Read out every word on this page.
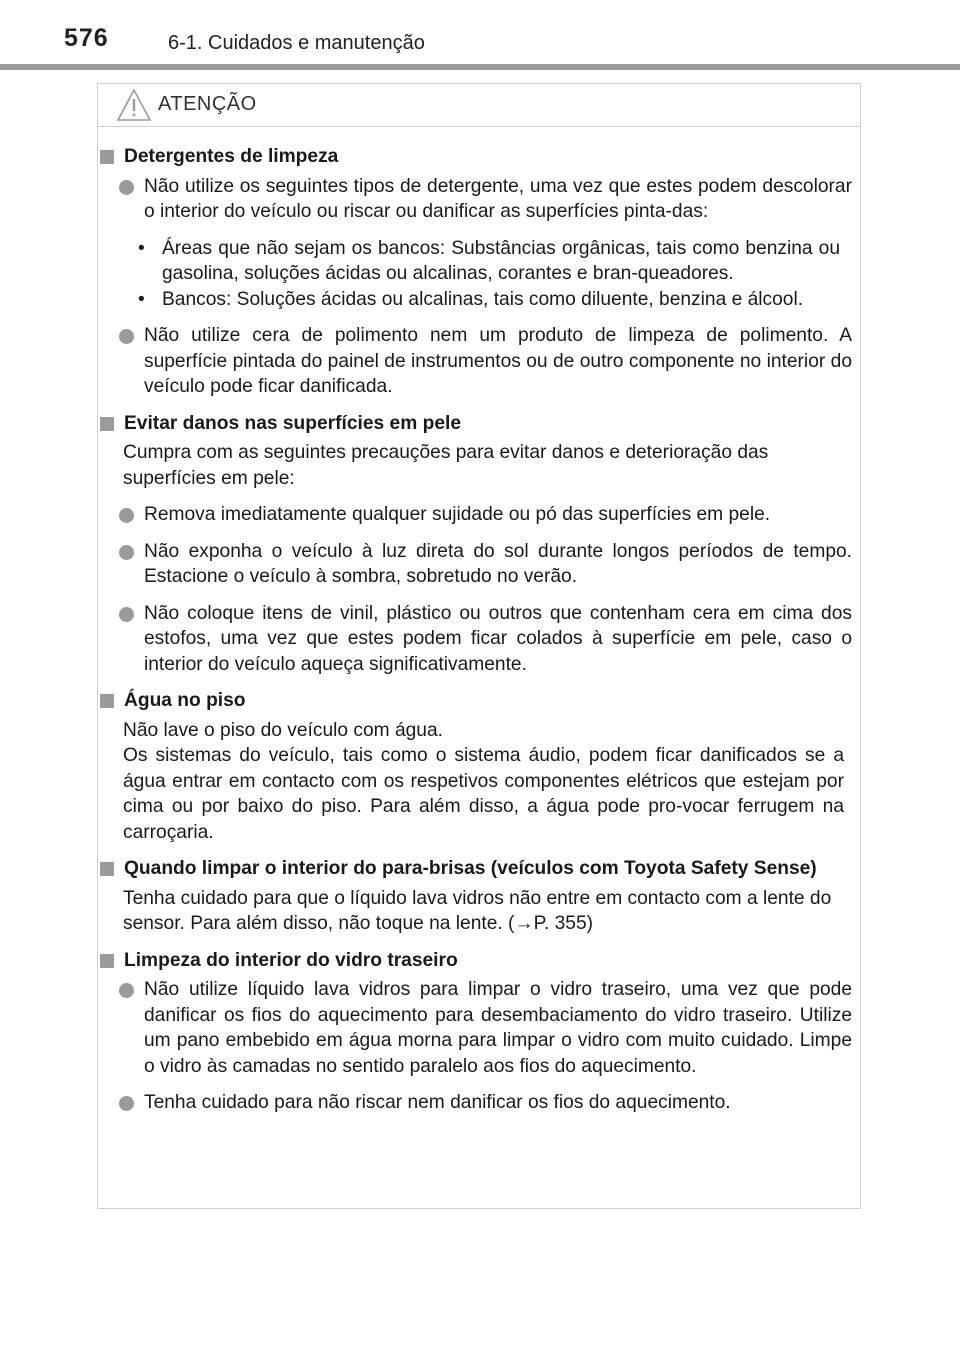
576	6-1. Cuidados e manutenção
ATENÇÃO
Detergentes de limpeza
Não utilize os seguintes tipos de detergente, uma vez que estes podem descolorar o interior do veículo ou riscar ou danificar as superfícies pinta-das:
• Áreas que não sejam os bancos: Substâncias orgânicas, tais como benzina ou gasolina, soluções ácidas ou alcalinas, corantes e bran-queadores.
• Bancos: Soluções ácidas ou alcalinas, tais como diluente, benzina e álcool.
Não utilize cera de polimento nem um produto de limpeza de polimento. A superfície pintada do painel de instrumentos ou de outro componente no interior do veículo pode ficar danificada.
Evitar danos nas superfícies em pele
Cumpra com as seguintes precauções para evitar danos e deterioração das superfícies em pele:
Remova imediatamente qualquer sujidade ou pó das superfícies em pele.
Não exponha o veículo à luz direta do sol durante longos períodos de tempo. Estacione o veículo à sombra, sobretudo no verão.
Não coloque itens de vinil, plástico ou outros que contenham cera em cima dos estofos, uma vez que estes podem ficar colados à superfície em pele, caso o interior do veículo aqueça significativamente.
Água no piso
Não lave o piso do veículo com água.
Os sistemas do veículo, tais como o sistema áudio, podem ficar danificados se a água entrar em contacto com os respetivos componentes elétricos que estejam por cima ou por baixo do piso. Para além disso, a água pode pro-vocar ferrugem na carroçaria.
Quando limpar o interior do para-brisas (veículos com Toyota Safety Sense)
Tenha cuidado para que o líquido lava vidros não entre em contacto com a lente do sensor. Para além disso, não toque na lente. (→P. 355)
Limpeza do interior do vidro traseiro
Não utilize líquido lava vidros para limpar o vidro traseiro, uma vez que pode danificar os fios do aquecimento para desembaciamento do vidro traseiro. Utilize um pano embebido em água morna para limpar o vidro com muito cuidado. Limpe o vidro às camadas no sentido paralelo aos fios do aquecimento.
Tenha cuidado para não riscar nem danificar os fios do aquecimento.
